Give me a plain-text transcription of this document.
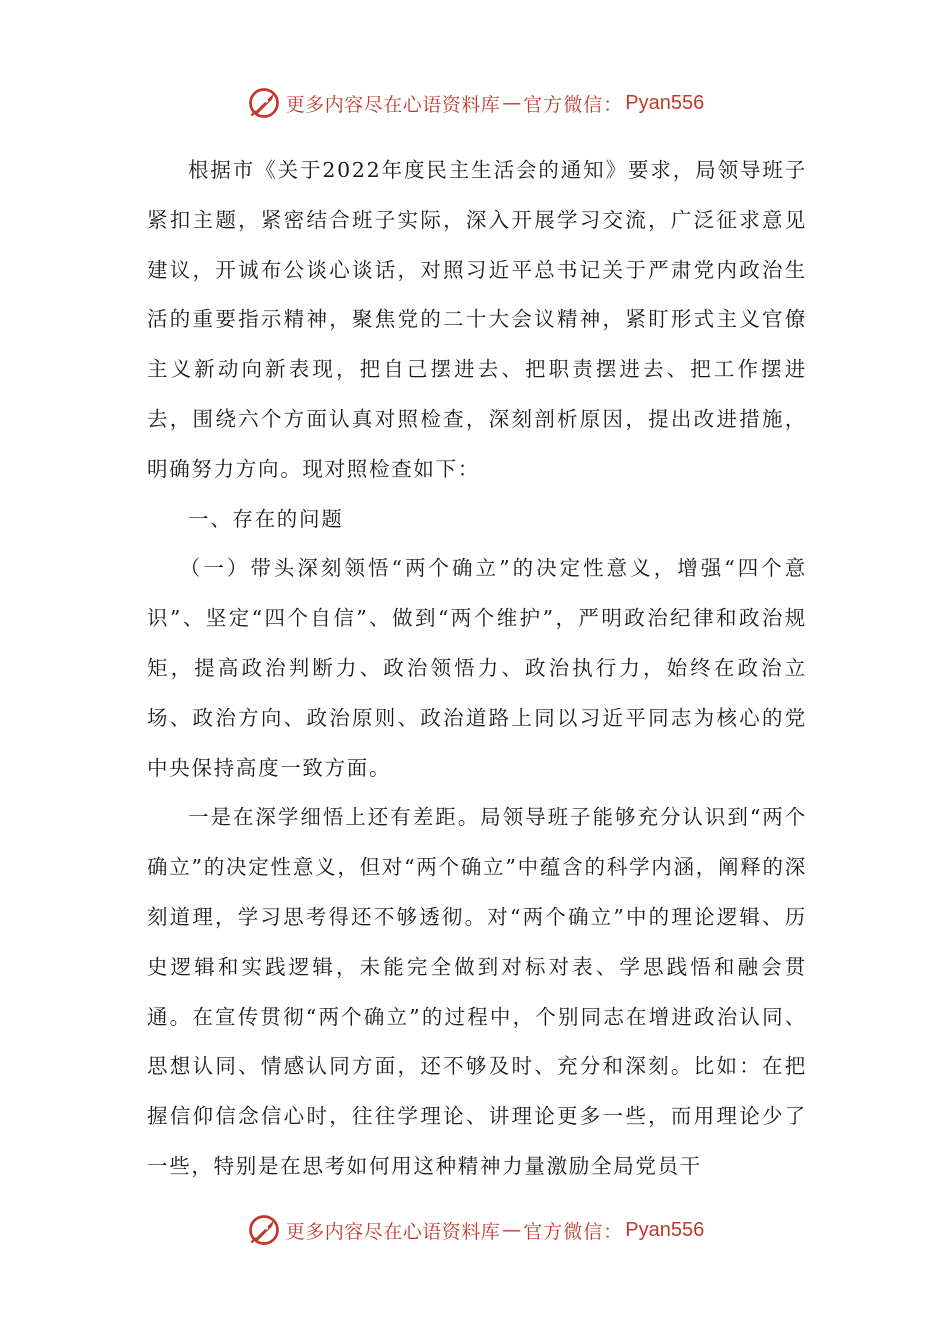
更多内容尽在心语资料库 — 官方微信： Pyan556

根据市《关于2022年度民主生活会的通知》要求，局领导班子紧扣主题，紧密结合班子实际，深入开展学习交流，广泛征求意见建议，开诚布公谈心谈话，对照习近平总书记关于严肃党内政治生活的重要指示精神，聚焦党的二十大会议精神，紧盯形式主义官僚主义新动向新表现，把自己摆进去、把职责摆进去、把工作摆进去，围绕六个方面认真对照检查，深刻剖析原因，提出改进措施，明确努力方向。现对照检查如下：

一、存在的问题

（一）带头深刻领悟“两个确立”的决定性意义，增强“四个意识”、坚定“四个自信”、做到“两个维护”，严明政治纪律和政治规矩，提高政治判断力、政治领悟力、政治执行力，始终在政治立场、政治方向、政治原则、政治道路上同以习近平同志为核心的党中央保持高度一致方面。

一是在深学细悟上还有差距。局领导班子能够充分认识到“两个确立”的决定性意义，但对“两个确立”中蕴含的科学内涵，阐释的深刻道理，学习思考得还不够透彻。对“两个确立”中的理论逻辑、历史逻辑和实践逻辑，未能完全做到对标对表、学思践悟和融会贯通。在宣传贯彻“两个确立”的过程中，个别同志在增进政治认同、思想认同、情感认同方面，还不够及时、充分和深刻。比如：在把握信仰信念信心时，往往学理论、讲理论更多一些，而用理论少了一些，特别是在思考如何用这种精神力量激励全局党员干

更多内容尽在心语资料库 — 官方微信： Pyan556
